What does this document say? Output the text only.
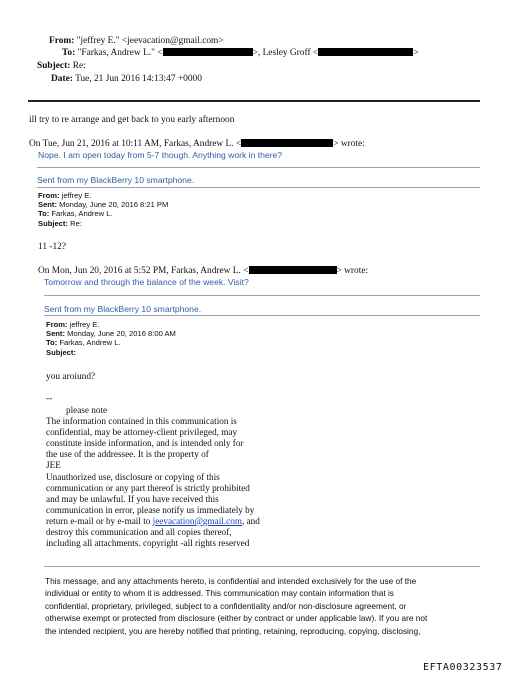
From: "jeffrey E." <jeevacation@gmail.com>
To: "Farkas, Andrew L." <	>, Lesley Groff <	>
Subject: Re:
Date: Tue, 21 Jun 2016 14:13:47 +0000
ill try to re arrange and get back to you early afternoon
On Tue, Jun 21, 2016 at 10:11 AM, Farkas, Andrew L. <	> wrote:
Nope. I am open today from 5-7 though. Anything work in there?
Sent from my BlackBerry 10 smartphone.
From: jeffrey E.
Sent: Monday, June 20, 2016 8:21 PM
To: Farkas, Andrew L.
Subject: Re:
11 -12?
On Mon, Jun 20, 2016 at 5:52 PM, Farkas, Andrew L. <	> wrote:
Tomorrow and through the balance of the week. Visit?
Sent from my BlackBerry 10 smartphone.
From: jeffrey E.
Sent: Monday, June 20, 2016 8:00 AM
To: Farkas, Andrew L.
Subject:
you aroiund?
--
please note
The information contained in this communication is
confidential, may be attorney-client privileged, may
constitute inside information, and is intended only for
the use of the addressee. It is the property of
JEE
Unauthorized use, disclosure or copying of this
communication or any part thereof is strictly prohibited
and may be unlawful. If you have received this
communication in error, please notify us immediately by
return e-mail or by e-mail to jeevacation@gmail.com, and
destroy this communication and all copies thereof,
including all attachments. copyright -all rights reserved
This message, and any attachments hereto, is confidential and intended exclusively for the use of the
individual or entity to whom it is addressed. This communication may contain information that is
confidential, proprietary, privileged, subject to a confidentiality and/or non-disclosure agreement, or
otherwise exempt or protected from disclosure (either by contract or under applicable law). If you are not
the intended recipient, you are hereby notified that printing, retaining, reproducing, copying, disclosing,
EFTA00323537
